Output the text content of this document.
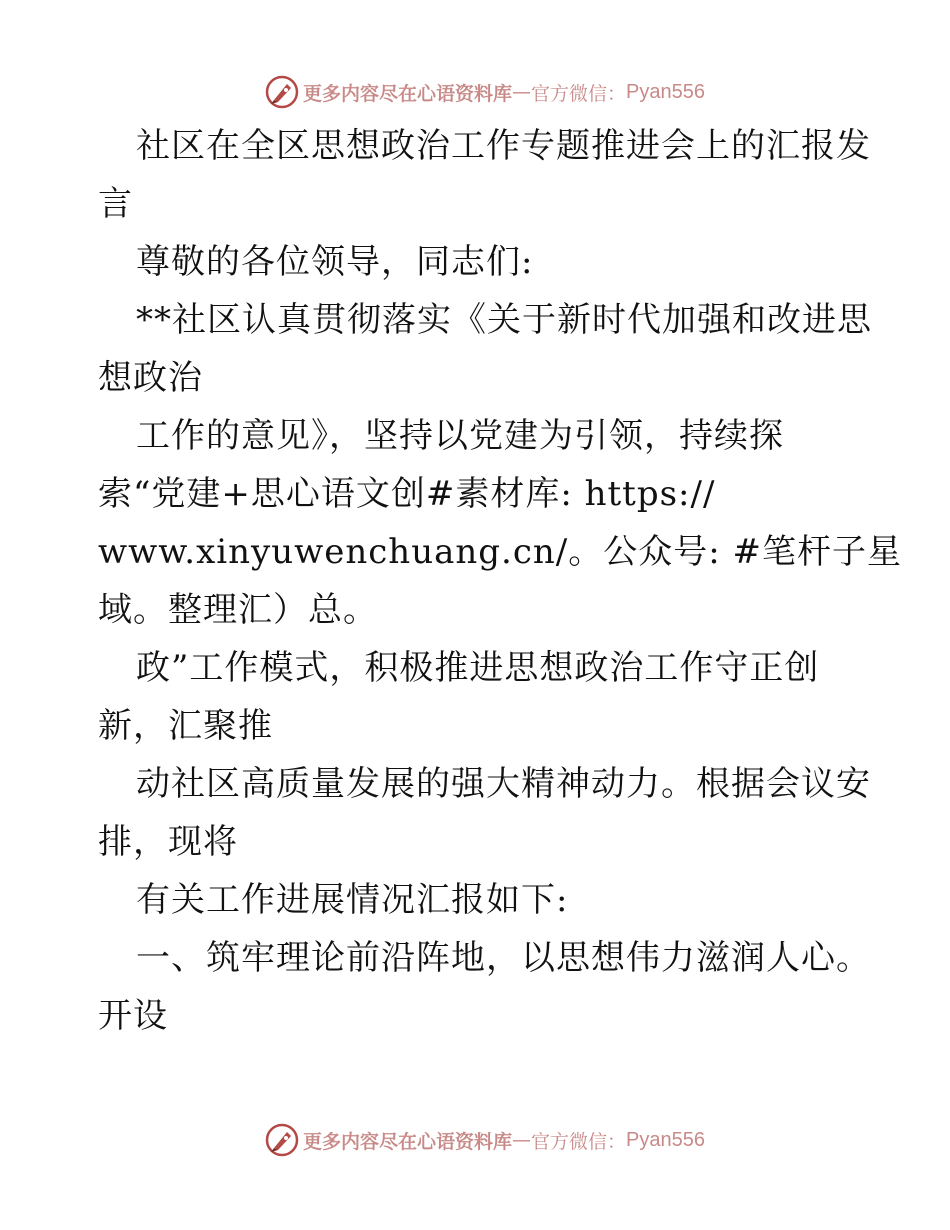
更多内容尽在心语资料库 — 官方微信： Pyan556
社区在全区思想政治工作专题推进会上的汇报发
言
尊敬的各位领导，同志们:
**社区认真贯彻落实《关于新时代加强和改进思
想政治
工作的意见》，坚持以党建为引领，持续探
索“党建+思心语文创#素材库: https://
www.xinyuwenchuang.cn/。公众号: #笔杆子星
域。整理汇）总。
政”工作模式，积极推进思想政治工作守正创
新，汇聚推
动社区高质量发展的强大精神动力。根据会议安
排，现将
有关工作进展情况汇报如下:
一、筑牢理论前沿阵地，以思想伟力滋润人心。
开设
更多内容尽在心语资料库 — 官方微信： Pyan556
